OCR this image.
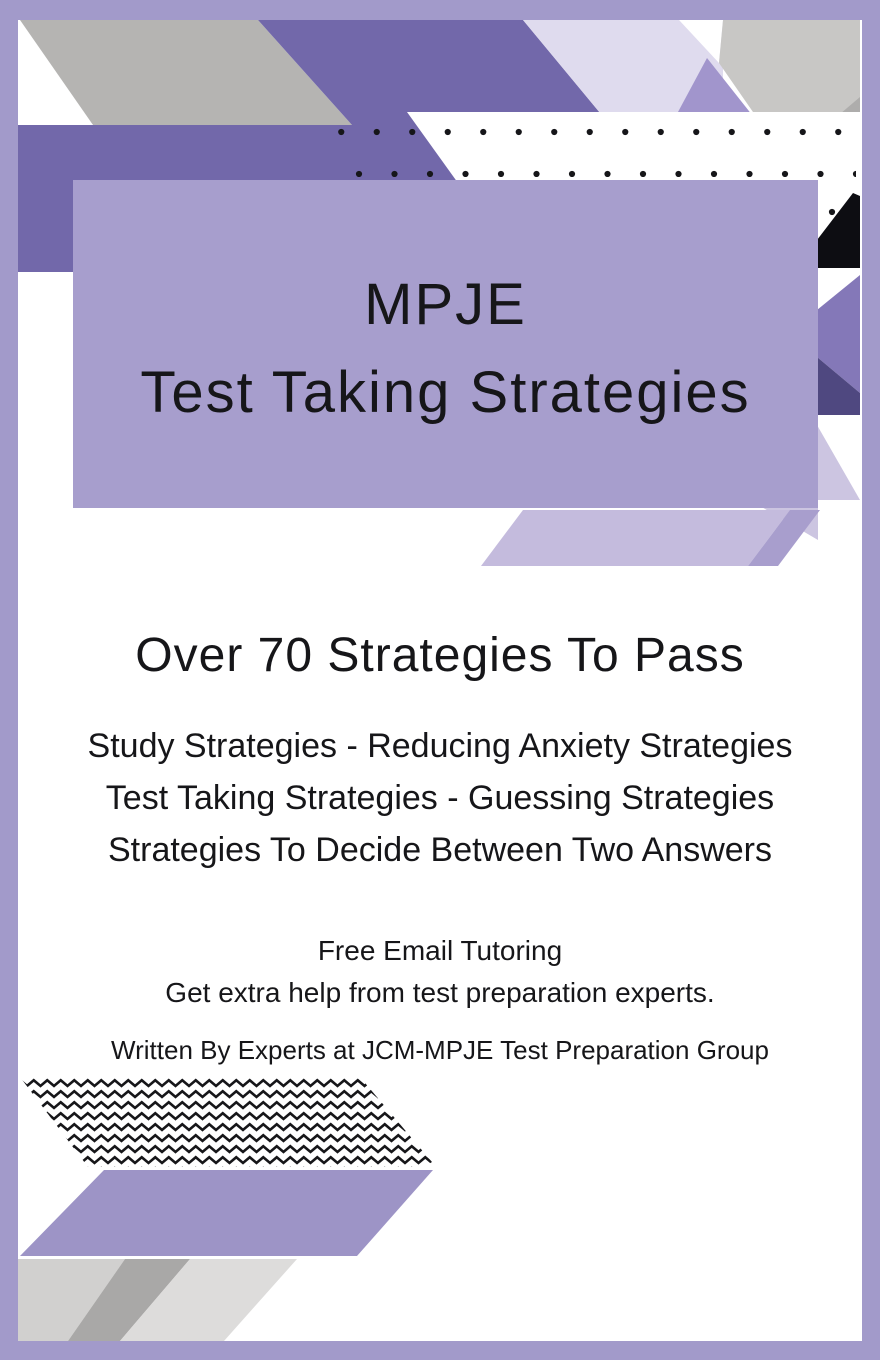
MPJE
Test Taking Strategies
Over 70 Strategies To Pass
Study Strategies - Reducing Anxiety Strategies
Test Taking Strategies - Guessing Strategies
Strategies To Decide Between Two Answers
Free Email Tutoring
Get extra help from test preparation experts.
Written By Experts at JCM-MPJE Test Preparation Group
